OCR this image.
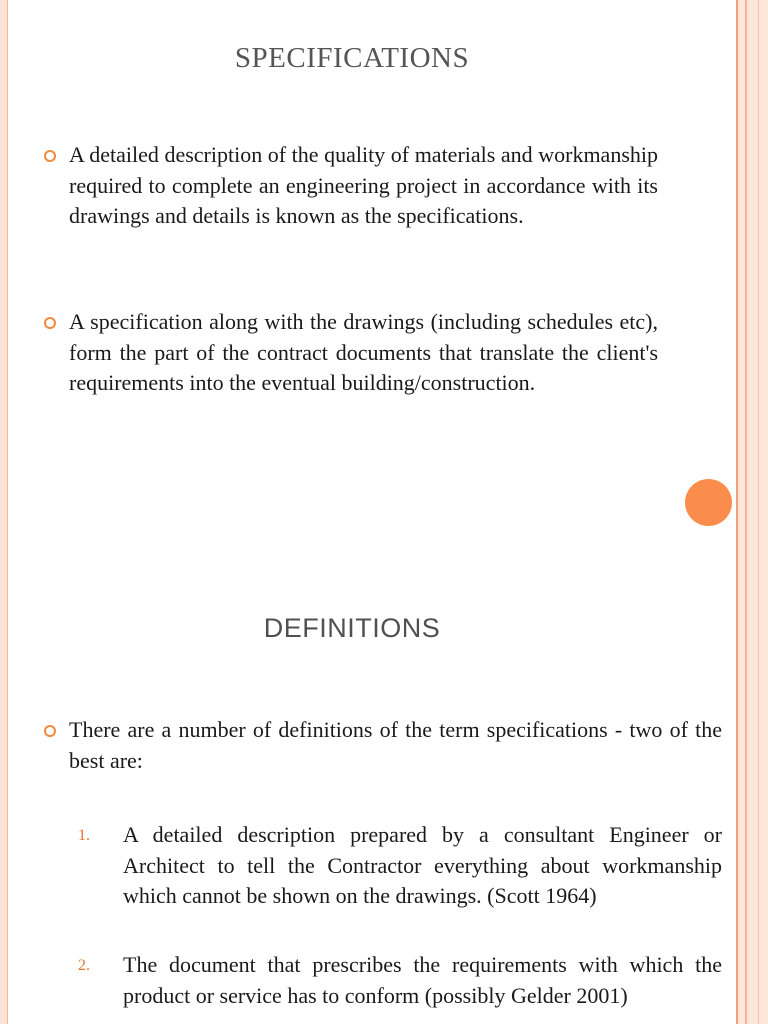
SPECIFICATIONS
A detailed description of the quality of materials and workmanship required to complete an engineering project in accordance with its drawings and details is known as the specifications.
A specification along with the drawings (including schedules etc), form the part of the contract documents that translate the client's requirements into the eventual building/construction.
DEFINITIONS
There are a number of definitions of the term specifications - two of the best are:
1. A detailed description prepared by a consultant Engineer or Architect to tell the Contractor everything about workmanship which cannot be shown on the drawings. (Scott 1964)
2. The document that prescribes the requirements with which the product or service has to conform (possibly Gelder 2001)
